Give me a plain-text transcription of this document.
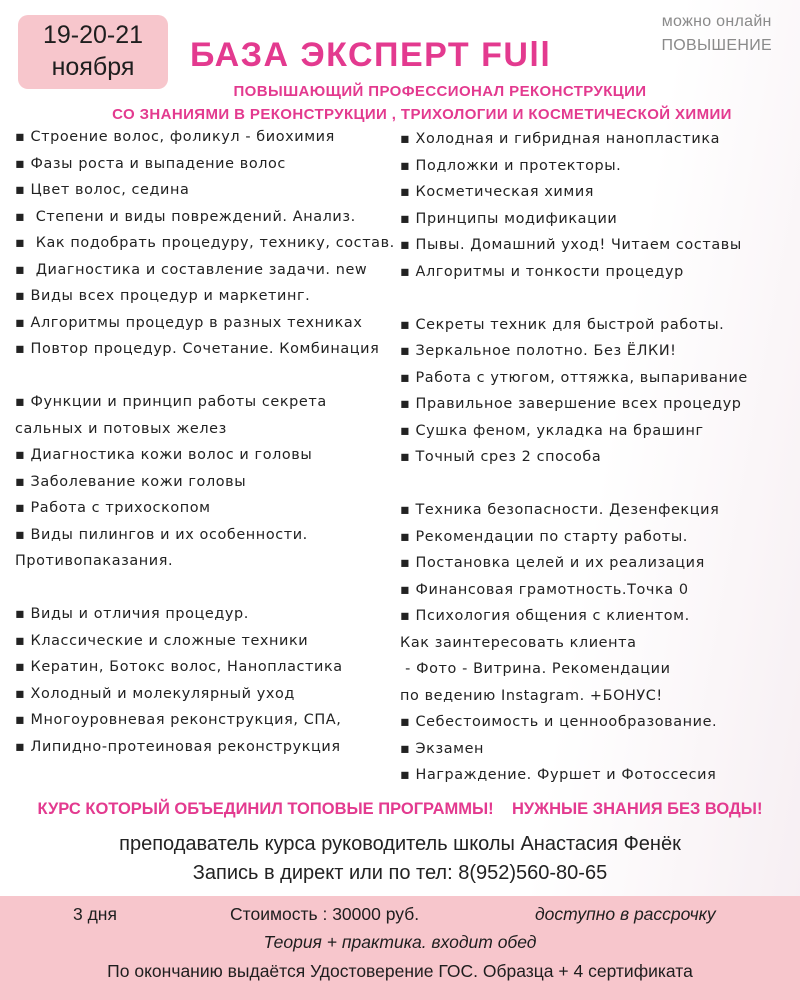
19-20-21
ноября
можно онлайн
ПОВЫШЕНИЕ
БАЗА ЭКСПЕРТ FUll

ПОВЫШАЮЩИЙ ПРОФЕССИОНАЛ РЕКОНСТРУКЦИИ

СО ЗНАНИЯМИ В РЕКОНСТРУКЦИИ , ТРИХОЛОГИИ И КОСМЕТИЧЕСКОЙ ХИМИИ

▪ Строение волос, фоликул - биохимия
▪ Фазы роста и выпадение волос
▪ Цвет волос, седина
▪  Степени и виды повреждений. Анализ.
▪  Как подобрать процедуру, технику, состав.
▪  Диагностика и составление задачи. new
▪ Виды всех процедур и маркетинг.
▪ Алгоритмы процедур в разных техниках
▪ Повтор процедур. Сочетание. Комбинация
▪ Функции и принцип работы секрета
сальных и потовых желез
▪ Диагностика кожи волос и головы
▪ Заболевание кожи головы
▪ Работа с трихоскопом
▪ Виды пилингов и их особенности.
Противопаказания.
▪ Виды и отличия процедур.
▪ Классические и сложные техники
▪ Кератин, Ботокс волос, Нанопластика
▪ Холодный и молекулярный уход
▪ Многоуровневая реконструкция, СПА,
▪ Липидно-протеиновая реконструкция
▪ Холодная и гибридная нанопластика
▪ Подложки и протекторы.
▪ Косметическая химия
▪ Принципы модификации
▪ Пывы. Домашний уход! Читаем составы
▪ Алгоритмы и тонкости процедур
▪ Секреты техник для быстрой работы.
▪ Зеркальное полотно. Без ЁЛКИ!
▪ Работа с утюгом, оттяжка, выпаривание
▪ Правильное завершение всех процедур
▪ Сушка феном, укладка на брашинг
▪ Точный срез 2 способа
▪ Техника безопасности. Дезенфекция
▪ Рекомендации по старту работы.
▪ Постановка целей и их реализация
▪ Финансовая грамотность.Точка 0
▪ Психология общения с клиентом.
Как заинтересовать клиента
- Фото - Витрина. Рекомендации
по ведению Instagram. +БОНУС!
▪ Себестоимость и ценнообразование.
▪ Экзамен
▪ Награждение. Фуршет и Фотоссесия
КУРС КОТОРЫЙ ОБЪЕДИНИЛ ТОПОВЫЕ ПРОГРАММЫ!    НУЖНЫЕ ЗНАНИЯ БЕЗ ВОДЫ!
преподаватель курса руководитель школы Анастасия Фенёк
Запись в директ или по тел: 8(952)560-80-65
3 дня	Стоимость : 30000 руб.	доступно в рассрочку
Теория + практика. входит обед
По окончанию выдаётся Удостоверение ГОС. Образца + 4 сертификата
